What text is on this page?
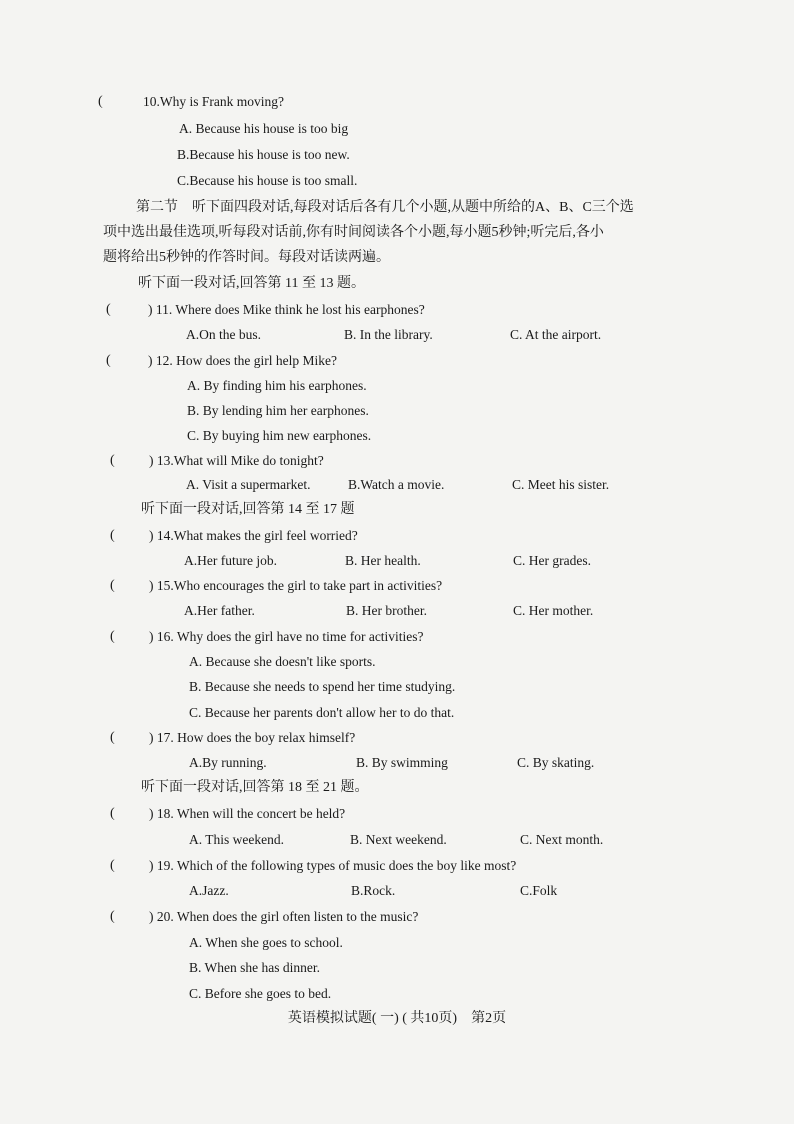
(	10.Why is Frank moving?
A. Because his house is too big
B.Because his house is too new.
C.Because his house is too small.
第二节　听下面四段对话,每段对话后各有几个小题,从题中所给的A、B、C三个选
项中选出最佳选项,听每段对话前,你有时间阅读各个小题,每小题5秒钟;听完后,各小
题将给出5秒钟的作答时间。每段对话读两遍。
听下面一段对话,回答第 11 至 13 题。
(	) 11. Where does Mike think he lost his earphones?
A.On the bus.	B. In the library.	C. At the airport.
(	) 12. How does the girl help Mike?
A. By finding him his earphones.
B. By lending him her earphones.
C. By buying him new earphones.
(	) 13.What will Mike do tonight?
A. Visit a supermarket.	B.Watch a movie.	C. Meet his sister.
听下面一段对话,回答第 14 至 17 题
(	) 14.What makes the girl feel worried?
A.Her future job.	B. Her health.	C. Her grades.
(	) 15.Who encourages the girl to take part in activities?
A.Her father.	B. Her brother.	C. Her mother.
(	) 16. Why does the girl have no time for activities?
A. Because she doesn't like sports.
B. Because she needs to spend her time studying.
C. Because her parents don't allow her to do that.
(	) 17. How does the boy relax himself?
A.By running.	B. By swimming	C. By skating.
听下面一段对话,回答第 18 至 21 题。
(	) 18. When will the concert be held?
A. This weekend.	B. Next weekend.	C. Next month.
(	) 19. Which of the following types of music does the boy like most?
A.Jazz.	B.Rock.	C.Folk
(	) 20. When does the girl often listen to the music?
A. When she goes to school.
B. When she has dinner.
C. Before she goes to bed.
英语模拟试题( 一) ( 共10页)　第2页
